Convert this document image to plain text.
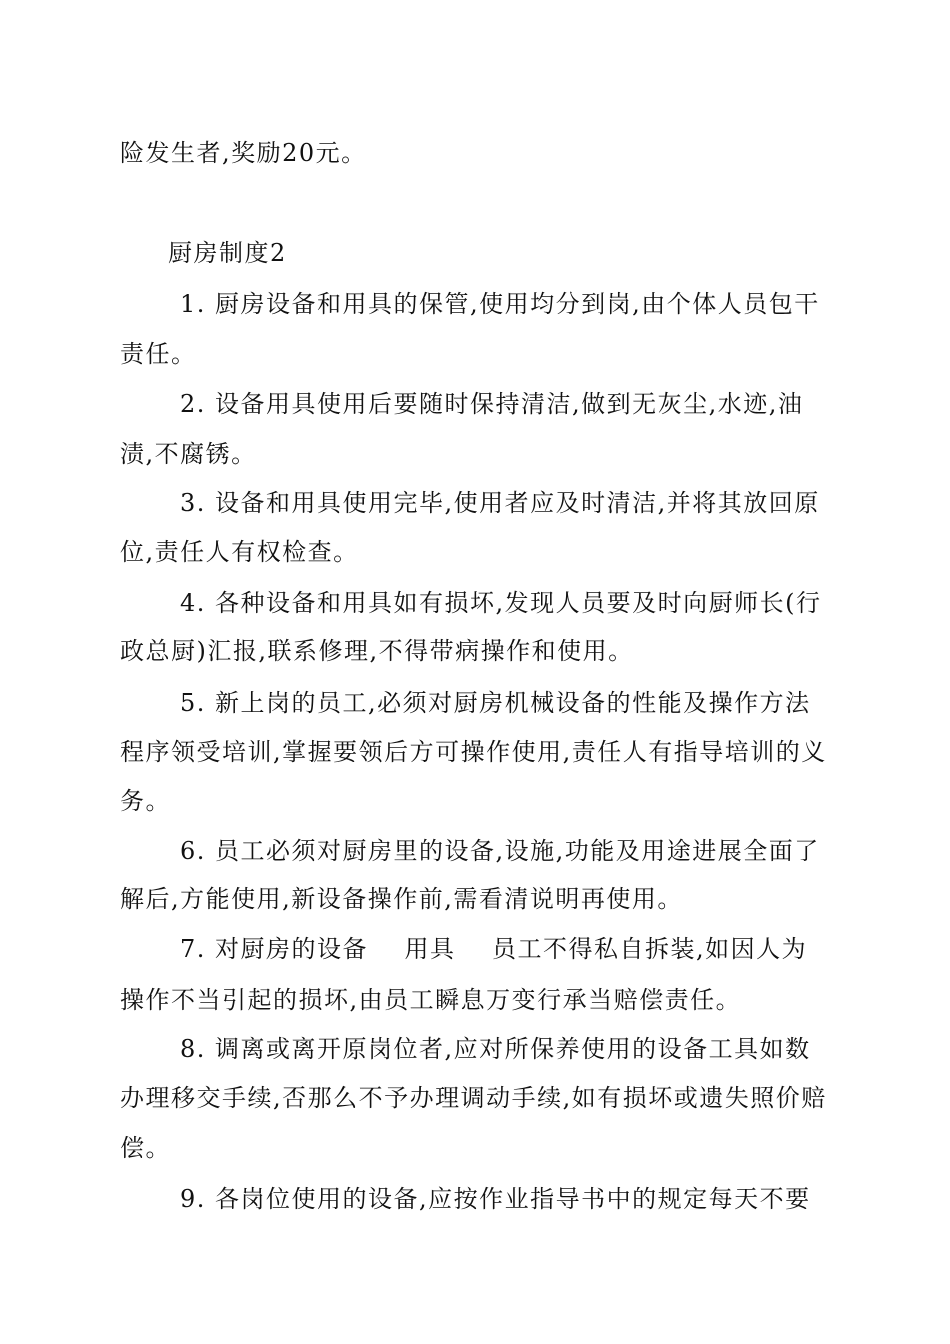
险发生者,奖励20元。
厨房制度2
1. 厨房设备和用具的保管,使用均分到岗,由个体人员包干
责任。
2. 设备用具使用后要随时保持清洁,做到无灰尘,水迹,油
渍,不腐锈。
3. 设备和用具使用完毕,使用者应及时清洁,并将其放回原
位,责任人有权检查。
4. 各种设备和用具如有损坏,发现人员要及时向厨师长(行
政总厨)汇报,联系修理,不得带病操作和使用。
5. 新上岗的员工,必须对厨房机械设备的性能及操作方法
程序领受培训,掌握要领后方可操作使用,责任人有指导培训的义
务。
6. 员工必须对厨房里的设备,设施,功能及用途进展全面了
解后,方能使用,新设备操作前,需看清说明再使用。
7. 对厨房的设备    用具    员工不得私自拆装,如因人为
操作不当引起的损坏,由员工瞬息万变行承当赔偿责任。
8. 调离或离开原岗位者,应对所保养使用的设备工具如数
办理移交手续,否那么不予办理调动手续,如有损坏或遗失照价赔
偿。
9. 各岗位使用的设备,应按作业指导书中的规定每天不要
